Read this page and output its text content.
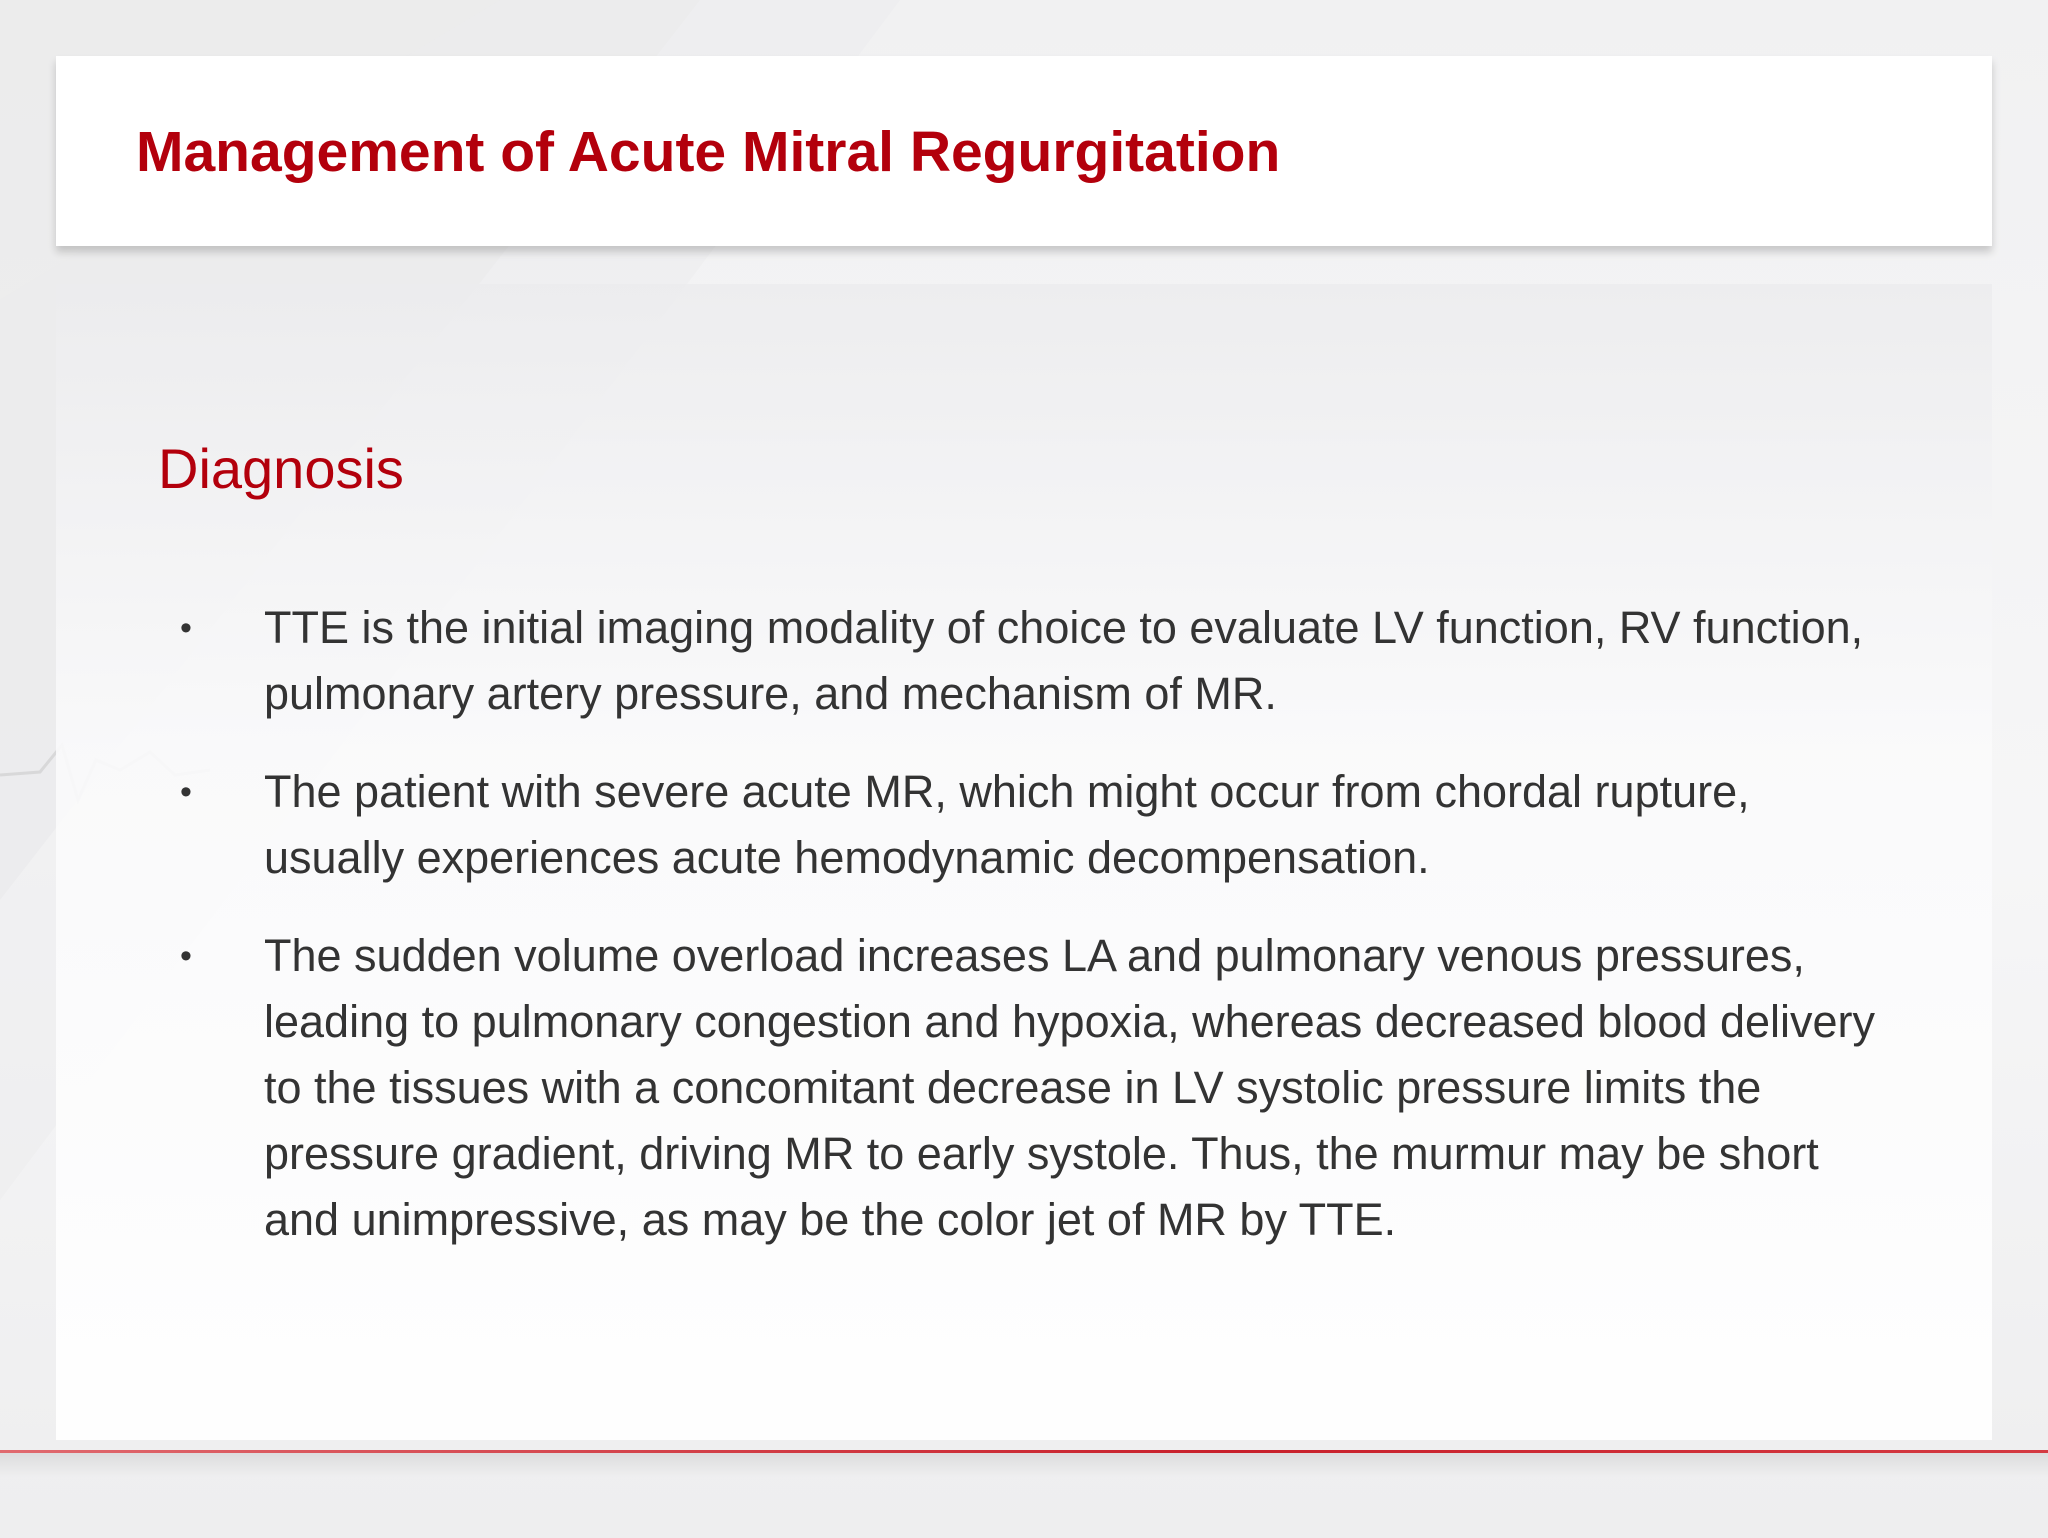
Management of Acute Mitral Regurgitation
Diagnosis
•	TTE is the initial imaging modality of choice to evaluate LV function, RV function, pulmonary artery pressure, and mechanism of MR.
•	The patient with severe acute MR, which might occur from chordal rupture, usually experiences acute hemodynamic decompensation.
•	The sudden volume overload increases LA and pulmonary venous pressures, leading to pulmonary congestion and hypoxia, whereas decreased blood delivery to the tissues with a concomitant decrease in LV systolic pressure limits the pressure gradient, driving MR to early systole. Thus, the murmur may be short and unimpressive, as may be the color jet of MR by TTE.
